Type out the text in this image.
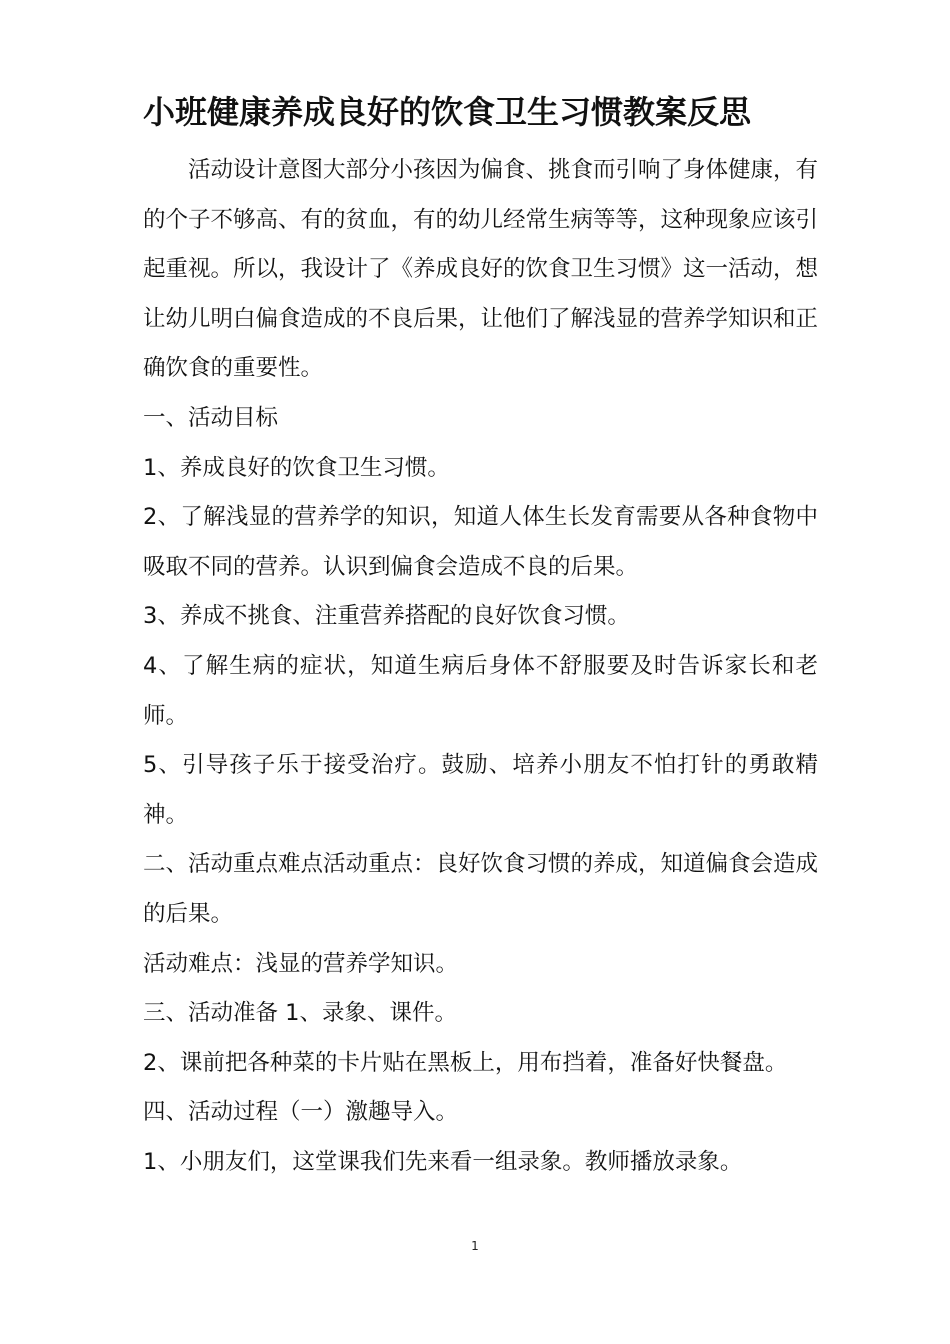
小班健康养成良好的饮食卫生习惯教案反思

活动设计意图大部分小孩因为偏食、挑食而引响了身体健康，有的个子不够高、有的贫血，有的幼儿经常生病等等，这种现象应该引起重视。所以，我设计了《养成良好的饮食卫生习惯》这一活动，想让幼儿明白偏食造成的不良后果，让他们了解浅显的营养学知识和正确饮食的重要性。

一、活动目标

1、养成良好的饮食卫生习惯。

2、了解浅显的营养学的知识，知道人体生长发育需要从各种食物中吸取不同的营养。认识到偏食会造成不良的后果。

3、养成不挑食、注重营养搭配的良好饮食习惯。

4、了解生病的症状，知道生病后身体不舒服要及时告诉家长和老师。

5、引导孩子乐于接受治疗。鼓励、培养小朋友不怕打针的勇敢精神。

二、活动重点难点活动重点：良好饮食习惯的养成，知道偏食会造成的后果。

活动难点：浅显的营养学知识。

三、活动准备 1、录象、课件。

2、课前把各种菜的卡片贴在黑板上，用布挡着，准备好快餐盘。

四、活动过程（一）激趣导入。

1、小朋友们，这堂课我们先来看一组录象。教师播放录象。

1
